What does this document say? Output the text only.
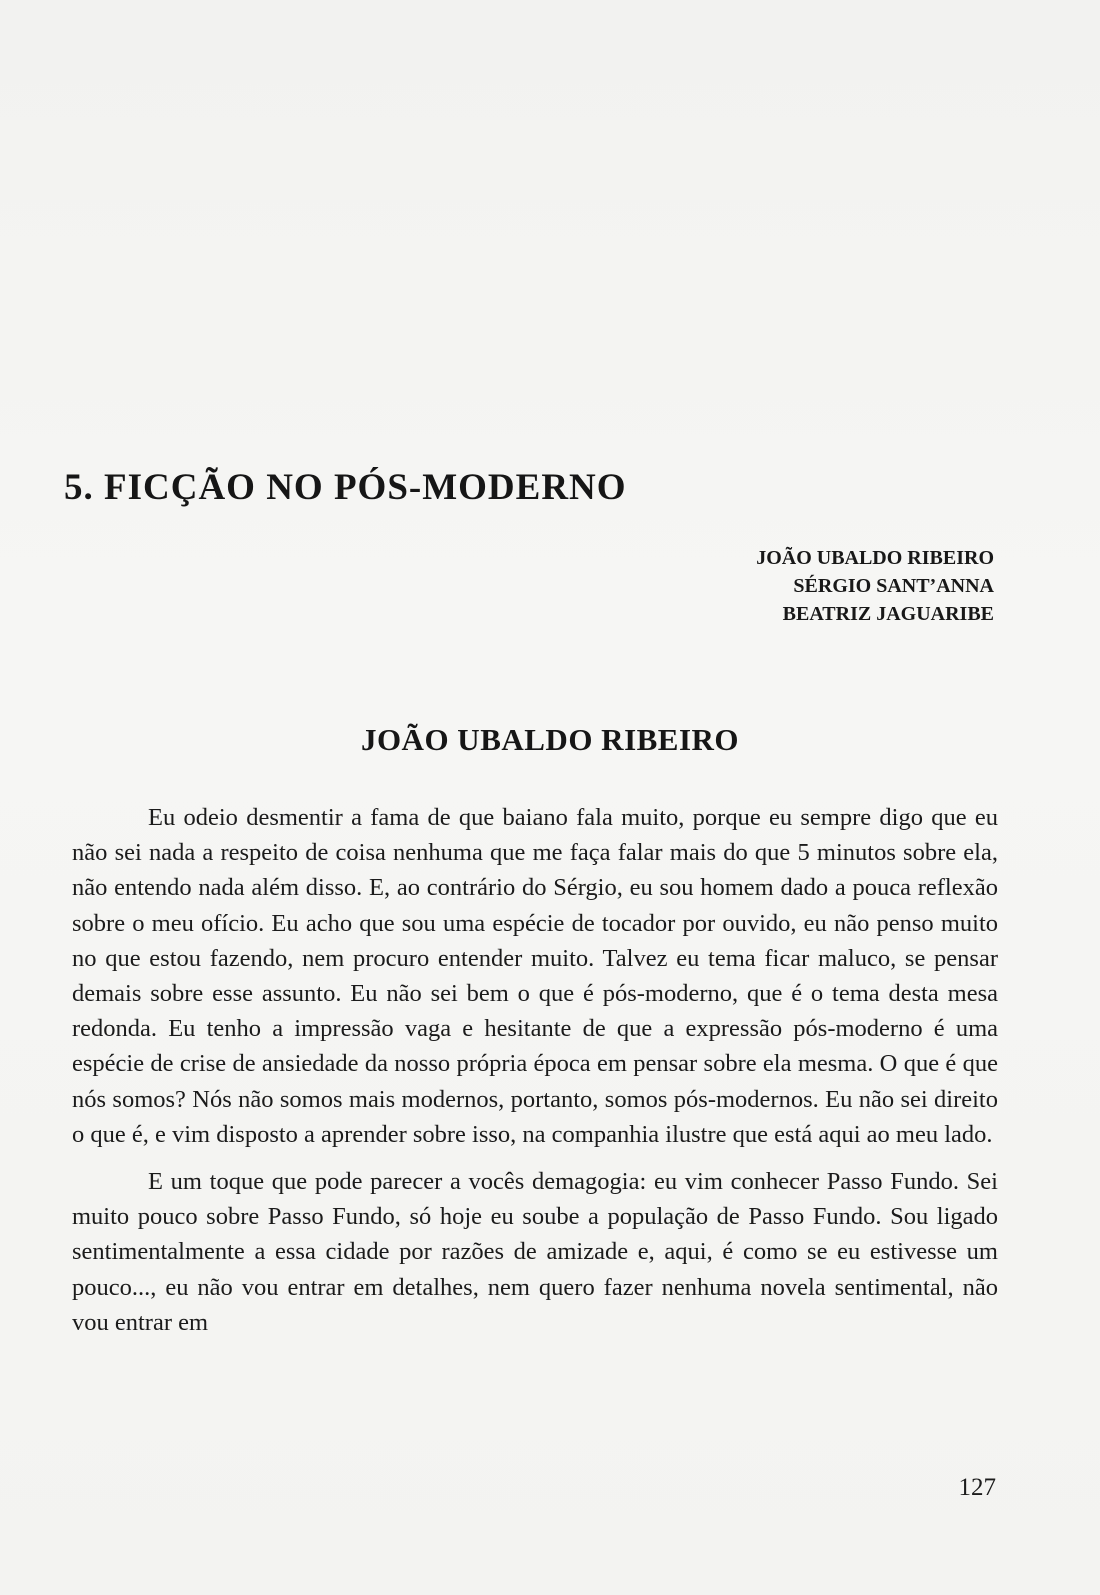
5. FICÇÃO NO PÓS-MODERNO
JOÃO UBALDO RIBEIRO
SÉRGIO SANT’ANNA
BEATRIZ JAGUARIBE
JOÃO UBALDO RIBEIRO

Eu odeio desmentir a fama de que baiano fala muito, porque eu sempre digo que eu não sei nada a respeito de coisa nenhuma que me faça falar mais do que 5 minutos sobre ela, não entendo nada além disso. E, ao contrário do Sérgio, eu sou homem dado a pouca reflexão sobre o meu ofício. Eu acho que sou uma espécie de tocador por ouvido, eu não penso muito no que estou fazendo, nem procuro entender muito. Talvez eu tema ficar maluco, se pensar demais sobre esse assunto. Eu não sei bem o que é pós-moderno, que é o tema desta mesa redonda. Eu tenho a impressão vaga e hesitante de que a expressão pós-moderno é uma espécie de crise de ansiedade da nosso própria época em pensar sobre ela mesma. O que é que nós somos? Nós não somos mais modernos, portanto, somos pós-modernos. Eu não sei direito o que é, e vim disposto a aprender sobre isso, na companhia ilustre que está aqui ao meu lado.

E um toque que pode parecer a vocês demagogia: eu vim conhecer Passo Fundo. Sei muito pouco sobre Passo Fundo, só hoje eu soube a população de Passo Fundo. Sou ligado sentimentalmente a essa cidade por razões de amizade e, aqui, é como se eu estivesse um pouco..., eu não vou entrar em detalhes, nem quero fazer nenhuma novela sentimental, não vou entrar em

127
